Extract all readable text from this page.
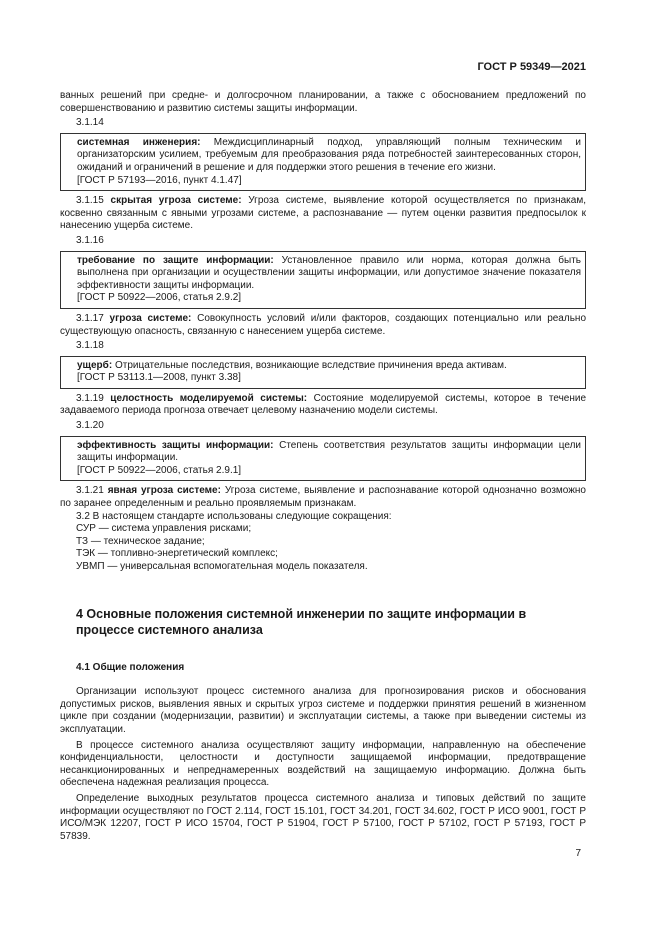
ГОСТ Р 59349—2021

ванных решений при средне- и долгосрочном планировании, а также с обоснованием предложений по совершенствованию и развитию системы защиты информации.

3.1.14

системная инженерия: Междисциплинарный подход, управляющий полным техническим и организаторским усилием, требуемым для преобразования ряда потребностей заинтересованных сторон, ожиданий и ограничений в решение и для поддержки этого решения в течение его жизни.

[ГОСТ Р 57193—2016, пункт 4.1.47]

3.1.15 скрытая угроза системе: Угроза системе, выявление которой осуществляется по признакам, косвенно связанным с явными угрозами системе, а распознавание — путем оценки развития предпосылок к нанесению ущерба системе.

3.1.16

требование по защите информации: Установленное правило или норма, которая должна быть выполнена при организации и осуществлении защиты информации, или допустимое значение показателя эффективности защиты информации.

[ГОСТ Р 50922—2006, статья 2.9.2]

3.1.17 угроза системе: Совокупность условий и/или факторов, создающих потенциально или реально существующую опасность, связанную с нанесением ущерба системе.

3.1.18

ущерб: Отрицательные последствия, возникающие вследствие причинения вреда активам.

[ГОСТ Р 53113.1—2008, пункт 3.38]

3.1.19 целостность моделируемой системы: Состояние моделируемой системы, которое в течение задаваемого периода прогноза отвечает целевому назначению модели системы.

3.1.20

эффективность защиты информации: Степень соответствия результатов защиты информации цели защиты информации.

[ГОСТ Р 50922—2006, статья 2.9.1]

3.1.21 явная угроза системе: Угроза системе, выявление и распознавание которой однозначно возможно по заранее определенным и реально проявляемым признакам.

3.2 В настоящем стандарте использованы следующие сокращения:

СУР — система управления рисками;

ТЗ — техническое задание;

ТЭК — топливно-энергетический комплекс;

УВМП — универсальная вспомогательная модель показателя.

4 Основные положения системной инженерии по защите информации в процессе системного анализа
4.1 Общие положения

Организации используют процесс системного анализа для прогнозирования рисков и обоснования допустимых рисков, выявления явных и скрытых угроз системе и поддержки принятия решений в жизненном цикле при создании (модернизации, развитии) и эксплуатации системы, а также при выведении системы из эксплуатации.

В процессе системного анализа осуществляют защиту информации, направленную на обеспечение конфиденциальности, целостности и доступности защищаемой информации, предотвращение несанкционированных и непреднамеренных воздействий на защищаемую информацию. Должна быть обеспечена надежная реализация процесса.

Определение выходных результатов процесса системного анализа и типовых действий по защите информации осуществляют по ГОСТ 2.114, ГОСТ 15.101, ГОСТ 34.201, ГОСТ 34.602, ГОСТ Р ИСО 9001, ГОСТ Р ИСО/МЭК 12207, ГОСТ Р ИСО 15704, ГОСТ Р 51904, ГОСТ Р 57100, ГОСТ Р 57102, ГОСТ Р 57193, ГОСТ Р 57839.

7
